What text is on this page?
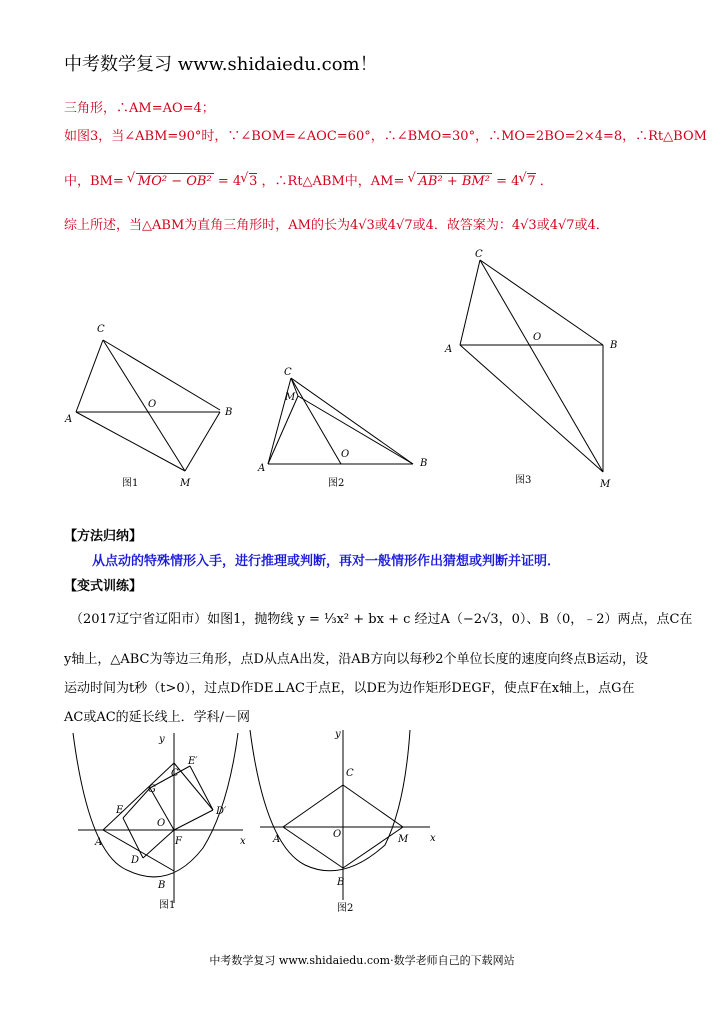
中考数学复习 www.shidaiedu.com！
三角形，∴AM=AO=4；
如图3，当∠ABM=90°时，∵∠BOM=∠AOC=60°，∴∠BMO=30°，∴MO=2BO=2×4=8，∴Rt△BOM
中，BM= √ MO² − OB² = 4 √ 3 ，∴Rt△ABM中，AM= √ AB² + BM² = 4 √ 7 ．
综上所述，当△ABM为直角三角形时，AM的长为4√3或4√7或4．故答案为：4√3或4√7或4．
C
A
B
O
M
图1
C
M
A	B
O
图2
C
A	B
O
M
图3
【方法归纳】
从点动的特殊情形入手，进行推理或判断，再对一般情形作出猜想或判断并证明．
【变式训练】
（2017辽宁省辽阳市）如图1，抛物线 y = ⅓x² + bx + c 经过A（−2√3，0）、B（0，﹣2）两点，点C在
y轴上，△ABC为等边三角形，点D从点A出发，沿AB方向以每秒2个单位长度的速度向终点B运动，设
运动时间为t秒（t>0），过点D作DE⊥AC于点E，以DE为边作矩形DEGF，使点F在x轴上，点G在
AC或AC的延长线上．学科/－网
y
x
A
B
C
D
E
F
G
O
D′
E′
图1
y
x
A
B
C
O	M
图2
中考数学复习 www.shidaiedu.com·数学老师自己的下载网站
